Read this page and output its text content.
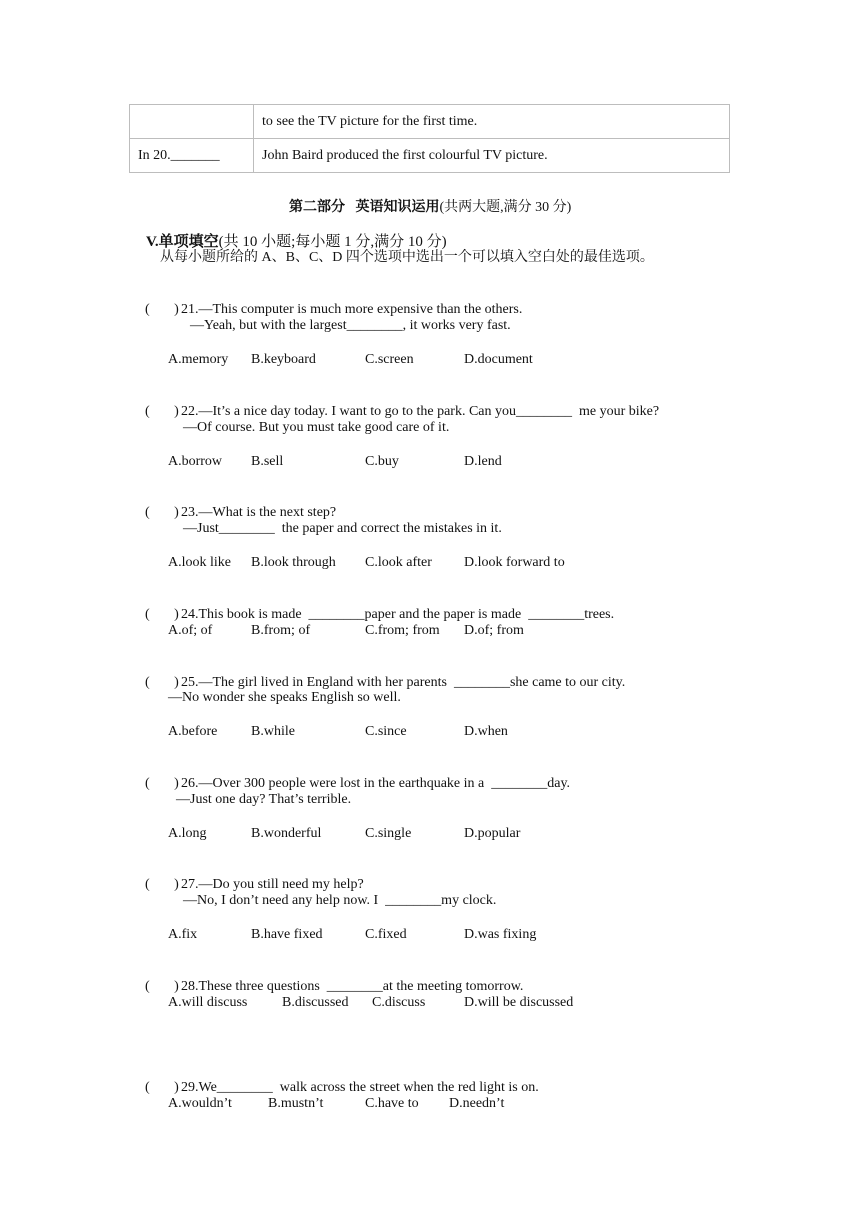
	to see the TV picture for the first time.
In 20._______	John Baird produced the first colourful TV picture.

第二部分   英语知识运用(共两大题,满分 30 分)

V.单项填空(共 10 小题;每小题 1 分,满分 10 分)

从每小题所给的 A、B、C、D 四个选项中选出一个可以填入空白处的最佳选项。

(       ) 21.—This computer is much more expensive than the others.

—Yeah, but with the largest________, it works very fast.
A.memory B.keyboard	C.screen	D.document

(       ) 22.—It’s a nice day today. I want to go to the park. Can you________  me your bike?

—Of course. But you must take good care of it.
A.borrow B.sell	C.buy	D.lend

(       ) 23.—What is the next step?

—Just________  the paper and correct the mistakes in it.
A.look like B.look through C.look after D.look forward to

(       ) 24.This book is made  ________paper and the paper is made  ________trees.

A.of; of	B.from; of	C.from; from D.of; from

(       ) 25.—The girl lived in England with her parents  ________she came to our city.

—No wonder she speaks English so well.
A.before B.while	C.since	D.when

(       ) 26.—Over 300 people were lost in the earthquake in a  ________day.

—Just one day? That’s terrible.
A.long	B.wonderful	C.single	D.popular

(       ) 27.—Do you still need my help?

—No, I don’t need any help now. I  ________my clock.
A.fix	B.have fixed	C.fixed	D.was fixing

(       ) 28.These three questions  ________at the meeting tomorrow.

A.will discuss B.discussed C.discuss	D.will be discussed

(       ) 29.We________  walk across the street when the red light is on.

A.wouldn’t	B.mustn’t	C.have to D.needn’t
